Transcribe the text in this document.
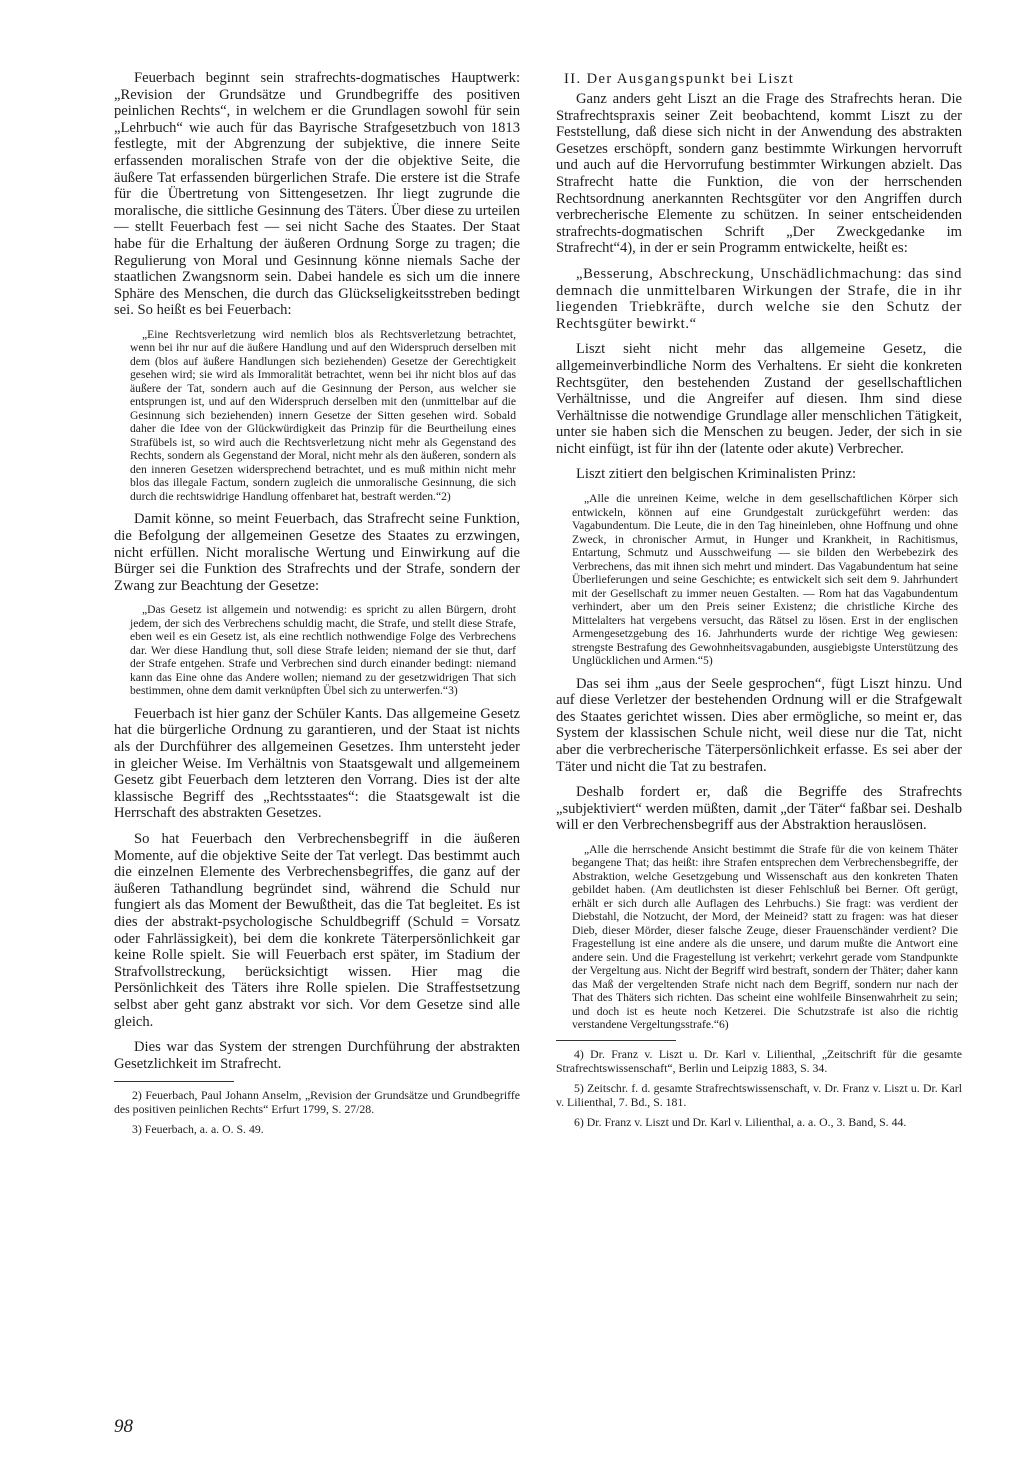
Feuerbach beginnt sein strafrechts-dogmatisches Hauptwerk: „Revision der Grundsätze und Grundbegriffe des positiven peinlichen Rechts“, in welchem er die Grundlagen sowohl für sein „Lehrbuch“ wie auch für das Bayrische Strafgesetzbuch von 1813 festlegte, mit der Abgrenzung der subjektive, die innere Seite erfassenden moralischen Strafe von der die objektive Seite, die äußere Tat erfassenden bürgerlichen Strafe. Die erstere ist die Strafe für die Übertretung von Sittengesetzen. Ihr liegt zugrunde die moralische, die sittliche Gesinnung des Täters. Über diese zu urteilen — stellt Feuerbach fest — sei nicht Sache des Staates. Der Staat habe für die Erhaltung der äußeren Ordnung Sorge zu tragen; die Regulierung von Moral und Gesinnung könne niemals Sache der staatlichen Zwangsnorm sein. Dabei handele es sich um die innere Sphäre des Menschen, die durch das Glückseligkeitsstreben bedingt sei. So heißt es bei Feuerbach:

„Eine Rechtsverletzung wird nemlich blos als Rechtsverletzung betrachtet, wenn bei ihr nur auf die äußere Handlung und auf den Widerspruch derselben mit dem (blos auf äußere Handlungen sich beziehenden) Gesetze der Gerechtigkeit gesehen wird; sie wird als Immoralität betrachtet, wenn bei ihr nicht blos auf das äußere der Tat, sondern auch auf die Gesinnung der Person, aus welcher sie entsprungen ist, und auf den Widerspruch derselben mit den (unmittelbar auf die Gesinnung sich beziehenden) innern Gesetze der Sitten gesehen wird. Sobald daher die Idee von der Glückwürdigkeit das Prinzip für die Beurtheilung eines Strafübels ist, so wird auch die Rechtsverletzung nicht mehr als Gegenstand des Rechts, sondern als Gegenstand der Moral, nicht mehr als den äußeren, sondern als den inneren Gesetzen widersprechend betrachtet, und es muß mithin nicht mehr blos das illegale Factum, sondern zugleich die unmoralische Gesinnung, die sich durch die rechtswidrige Handlung offenbaret hat, bestraft werden.“2)

Damit könne, so meint Feuerbach, das Strafrecht seine Funktion, die Befolgung der allgemeinen Gesetze des Staates zu erzwingen, nicht erfüllen. Nicht moralische Wertung und Einwirkung auf die Bürger sei die Funktion des Strafrechts und der Strafe, sondern der Zwang zur Beachtung der Gesetze:

„Das Gesetz ist allgemein und notwendig: es spricht zu allen Bürgern, droht jedem, der sich des Verbrechens schuldig macht, die Strafe, und stellt diese Strafe, eben weil es ein Gesetz ist, als eine rechtlich nothwendige Folge des Verbrechens dar. Wer diese Handlung thut, soll diese Strafe leiden; niemand der sie thut, darf der Strafe entgehen. Strafe und Verbrechen sind durch einander bedingt: niemand kann das Eine ohne das Andere wollen; niemand zu der gesetzwidrigen That sich bestimmen, ohne dem damit verknüpften Übel sich zu unterwerfen.“3)

Feuerbach ist hier ganz der Schüler Kants. Das allgemeine Gesetz hat die bürgerliche Ordnung zu garantieren, und der Staat ist nichts als der Durchführer des allgemeinen Gesetzes. Ihm untersteht jeder in gleicher Weise. Im Verhältnis von Staatsgewalt und allgemeinem Gesetz gibt Feuerbach dem letzteren den Vorrang. Dies ist der alte klassische Begriff des „Rechtsstaates“: die Staatsgewalt ist die Herrschaft des abstrakten Gesetzes.

So hat Feuerbach den Verbrechensbegriff in die äußeren Momente, auf die objektive Seite der Tat verlegt. Das bestimmt auch die einzelnen Elemente des Verbrechensbegriffes, die ganz auf der äußeren Tathandlung begründet sind, während die Schuld nur fungiert als das Moment der Bewußtheit, das die Tat begleitet. Es ist dies der abstrakt-psychologische Schuldbegriff (Schuld = Vorsatz oder Fahrlässigkeit), bei dem die konkrete Täterpersönlichkeit gar keine Rolle spielt. Sie will Feuerbach erst später, im Stadium der Strafvollstreckung, berücksichtigt wissen. Hier mag die Persönlichkeit des Täters ihre Rolle spielen. Die Straffestsetzung selbst aber geht ganz abstrakt vor sich. Vor dem Gesetze sind alle gleich.

Dies war das System der strengen Durchführung der abstrakten Gesetzlichkeit im Strafrecht.

2) Feuerbach, Paul Johann Anselm, „Revision der Grundsätze und Grundbegriffe des positiven peinlichen Rechts“ Erfurt 1799, S. 27/28.

3) Feuerbach, a. a. O. S. 49.

II. Der Ausgangspunkt bei Liszt

Ganz anders geht Liszt an die Frage des Strafrechts heran. Die Strafrechtspraxis seiner Zeit beobachtend, kommt Liszt zu der Feststellung, daß diese sich nicht in der Anwendung des abstrakten Gesetzes erschöpft, sondern ganz bestimmte Wirkungen hervorruft und auch auf die Hervorrufung bestimmter Wirkungen abzielt. Das Strafrecht hatte die Funktion, die von der herrschenden Rechtsordnung anerkannten Rechtsgüter vor den Angriffen durch verbrecherische Elemente zu schützen. In seiner entscheidenden strafrechts-dogmatischen Schrift „Der Zweckgedanke im Strafrecht“4), in der er sein Programm entwickelte, heißt es:

„Besserung, Abschreckung, Unschädlichmachung: das sind demnach die unmittelbaren Wirkungen der Strafe, die in ihr liegenden Triebkräfte, durch welche sie den Schutz der Rechtsgüter bewirkt.“

Liszt sieht nicht mehr das allgemeine Gesetz, die allgemeinverbindliche Norm des Verhaltens. Er sieht die konkreten Rechtsgüter, den bestehenden Zustand der gesellschaftlichen Verhältnisse, und die Angreifer auf diesen. Ihm sind diese Verhältnisse die notwendige Grundlage aller menschlichen Tätigkeit, unter sie haben sich die Menschen zu beugen. Jeder, der sich in sie nicht einfügt, ist für ihn der (latente oder akute) Verbrecher.

Liszt zitiert den belgischen Kriminalisten Prinz:

„Alle die unreinen Keime, welche in dem gesellschaftlichen Körper sich entwickeln, können auf eine Grundgestalt zurückgeführt werden: das Vagabundentum. Die Leute, die in den Tag hineinleben, ohne Hoffnung und ohne Zweck, in chronischer Armut, in Hunger und Krankheit, in Rachitismus, Entartung, Schmutz und Ausschweifung — sie bilden den Werbebezirk des Verbrechens, das mit ihnen sich mehrt und mindert. Das Vagabundentum hat seine Überlieferungen und seine Geschichte; es entwickelt sich seit dem 9. Jahrhundert mit der Gesellschaft zu immer neuen Gestalten. — Rom hat das Vagabundentum verhindert, aber um den Preis seiner Existenz; die christliche Kirche des Mittelalters hat vergebens versucht, das Rätsel zu lösen. Erst in der englischen Armengesetzgebung des 16. Jahrhunderts wurde der richtige Weg gewiesen: strengste Bestrafung des Gewohnheitsvagabunden, ausgiebigste Unterstützung des Unglücklichen und Armen.“5)

Das sei ihm „aus der Seele gesprochen“, fügt Liszt hinzu. Und auf diese Verletzer der bestehenden Ordnung will er die Strafgewalt des Staates gerichtet wissen. Dies aber ermögliche, so meint er, das System der klassischen Schule nicht, weil diese nur die Tat, nicht aber die verbrecherische Täterpersönlichkeit erfasse. Es sei aber der Täter und nicht die Tat zu bestrafen.

Deshalb fordert er, daß die Begriffe des Strafrechts „subjektiviert“ werden müßten, damit „der Täter“ faßbar sei. Deshalb will er den Verbrechensbegriff aus der Abstraktion herauslösen.

„Alle die herrschende Ansicht bestimmt die Strafe für die von keinem Thäter begangene That; das heißt: ihre Strafen entsprechen dem Verbrechensbegriffe, der Abstraktion, welche Gesetzgebung und Wissenschaft aus den konkreten Thaten gebildet haben. (Am deutlichsten ist dieser Fehlschluß bei Berner. Oft gerügt, erhält er sich durch alle Auflagen des Lehrbuchs.) Sie fragt: was verdient der Diebstahl, die Notzucht, der Mord, der Meineid? statt zu fragen: was hat dieser Dieb, dieser Mörder, dieser falsche Zeuge, dieser Frauenschänder verdient? Die Fragestellung ist eine andere als die unsere, und darum mußte die Antwort eine andere sein. Und die Fragestellung ist verkehrt; verkehrt gerade vom Standpunkte der Vergeltung aus. Nicht der Begriff wird bestraft, sondern der Thäter; daher kann das Maß der vergeltenden Strafe nicht nach dem Begriff, sondern nur nach der That des Thäters sich richten. Das scheint eine wohlfeile Binsenwahrheit zu sein; und doch ist es heute noch Ketzerei. Die Schutzstrafe ist also die richtig verstandene Vergeltungsstrafe.“6)

4) Dr. Franz v. Liszt u. Dr. Karl v. Lilienthal, „Zeitschrift für die gesamte Strafrechtswissenschaft“, Berlin und Leipzig 1883, S. 34.

5) Zeitschr. f. d. gesamte Strafrechtswissenschaft, v. Dr. Franz v. Liszt u. Dr. Karl v. Lilienthal, 7. Bd., S. 181.

6) Dr. Franz v. Liszt und Dr. Karl v. Lilienthal, a. a. O., 3. Band, S. 44.

98
